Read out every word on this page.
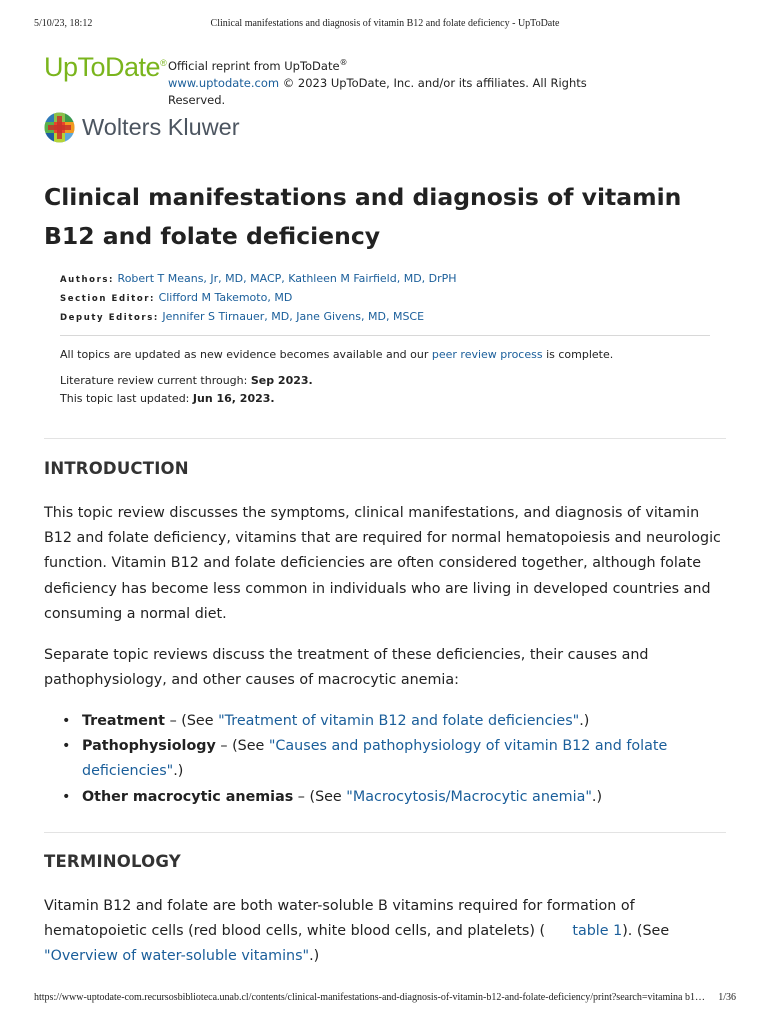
5/10/23, 18:12	Clinical manifestations and diagnosis of vitamin B12 and folate deficiency - UpToDate
UpToDate® Official reprint from UpToDate®
www.uptodate.com © 2023 UpToDate, Inc. and/or its affiliates. All Rights Reserved.
Wolters Kluwer
Clinical manifestations and diagnosis of vitamin B12 and folate deficiency
Authors: Robert T Means, Jr, MD, MACP, Kathleen M Fairfield, MD, DrPH
Section Editor: Clifford M Takemoto, MD
Deputy Editors: Jennifer S Tirnauer, MD, Jane Givens, MD, MSCE

All topics are updated as new evidence becomes available and our peer review process is complete.

Literature review current through: Sep 2023.

This topic last updated: Jun 16, 2023.

INTRODUCTION

This topic review discusses the symptoms, clinical manifestations, and diagnosis of vitamin B12 and folate deficiency, vitamins that are required for normal hematopoiesis and neurologic function. Vitamin B12 and folate deficiencies are often considered together, although folate deficiency has become less common in individuals who are living in developed countries and consuming a normal diet.

Separate topic reviews discuss the treatment of these deficiencies, their causes and pathophysiology, and other causes of macrocytic anemia:

• Treatment – (See "Treatment of vitamin B12 and folate deficiencies".)
• Pathophysiology – (See "Causes and pathophysiology of vitamin B12 and folate deficiencies".)
• Other macrocytic anemias – (See "Macrocytosis/Macrocytic anemia".)
TERMINOLOGY

Vitamin B12 and folate are both water-soluble B vitamins required for formation of hematopoietic cells (red blood cells, white blood cells, and platelets) ( table 1). (See "Overview of water-soluble vitamins".)

https://www-uptodate-com.recursosbiblioteca.unab.cl/contents/clinical-manifestations-and-diagnosis-of-vitamin-b12-and-folate-deficiency/print?search=vitamina b1… 1/36
